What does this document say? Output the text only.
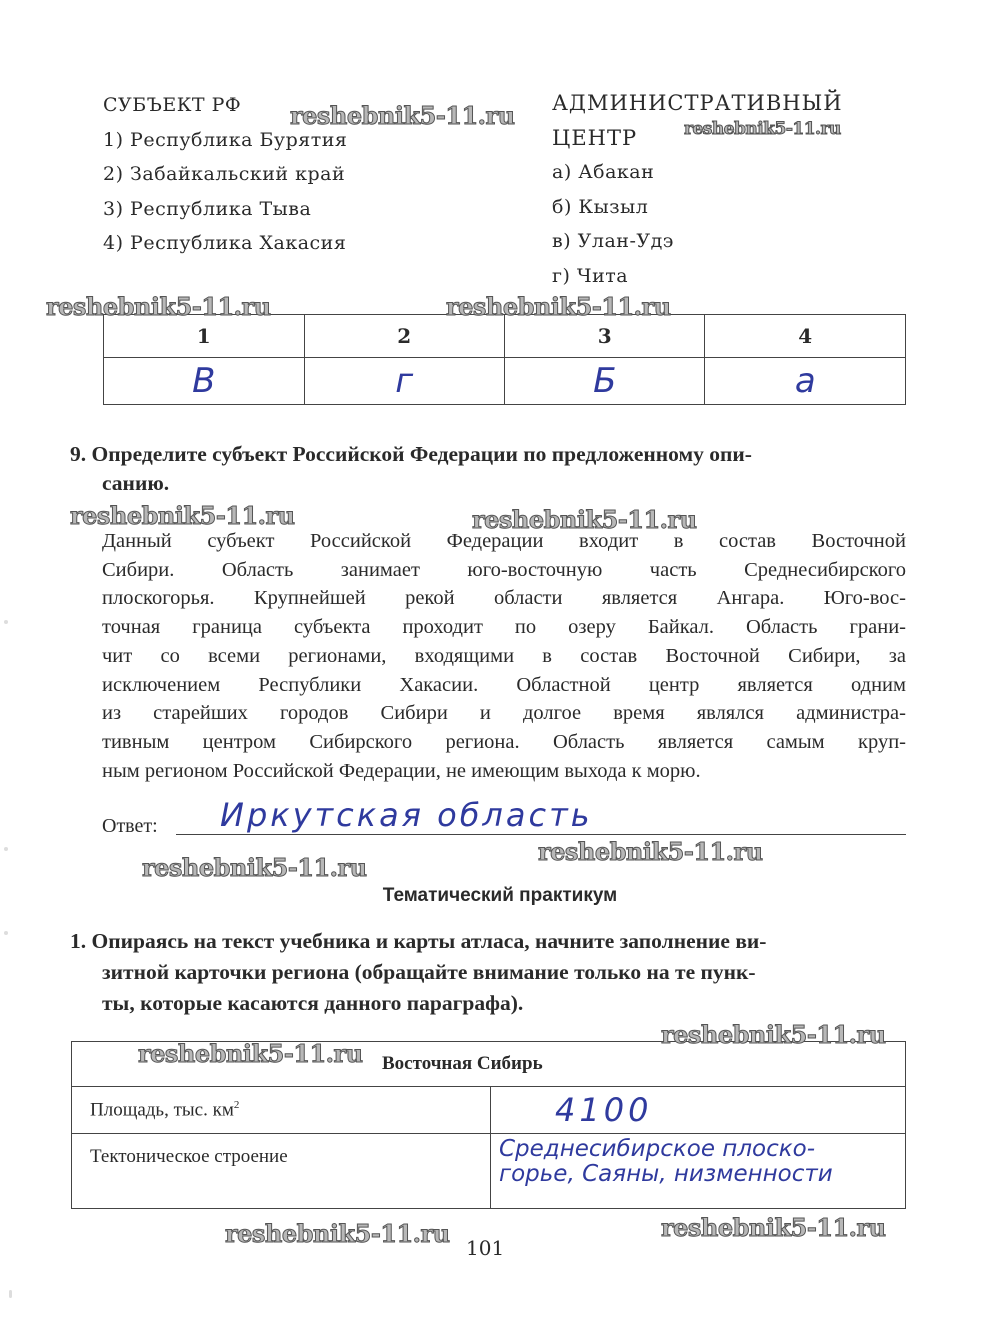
СУБЪЕКТ РФ
1) Республика Бурятия
2) Забайкальский край
3) Республика Тыва
4) Республика Хакасия
АДМИНИСТРАТИВНЫЙ
ЦЕНТР
а) Абакан
б) Кызыл
в) Улан-Удэ
г) Чита
1	2	3	4
В	г	Б	а
9. Определите субъект Российской Федерации по предложенному опи-
санию.
Данный субъект Российской Федерации входит в состав Восточной
Сибири. Область занимает юго-восточную часть Среднесибирского
плоскогорья. Крупнейшей рекой области является Ангара. Юго-вос-
точная граница субъекта проходит по озеру Байкал. Область грани-
чит со всеми регионами, входящими в состав Восточной Сибири, за
исключением Республики Хакасии. Областной центр является одним
из старейших городов Сибири и долгое время являлся администра-
тивным центром Сибирского региона. Область является самым круп-
ным регионом Российской Федерации, не имеющим выхода к морю.
Ответ: Иркутская область
Тематический практикум
1. Опираясь на текст учебника и карты атласа, начните заполнение ви-
зитной карточки региона (обращайте внимание только на те пунк-
ты, которые касаются данного параграфа).
Восточная Сибирь	
Площадь, тыс. $км^2$	4100
Тектоническое строение	Среднесибирское плоско-
горье, Саяны, низменности
101
reshebnik5-11.ru	reshebnik5-11.ru
reshebnik5-11.ru	reshebnik5-11.ru
reshebnik5-11.ru	reshebnik5-11.ru
reshebnik5-11.ru
reshebnik5-11.ru
reshebnik5-11.ru
reshebnik5-11.ru
reshebnik5-11.ru	reshebnik5-11.ru
